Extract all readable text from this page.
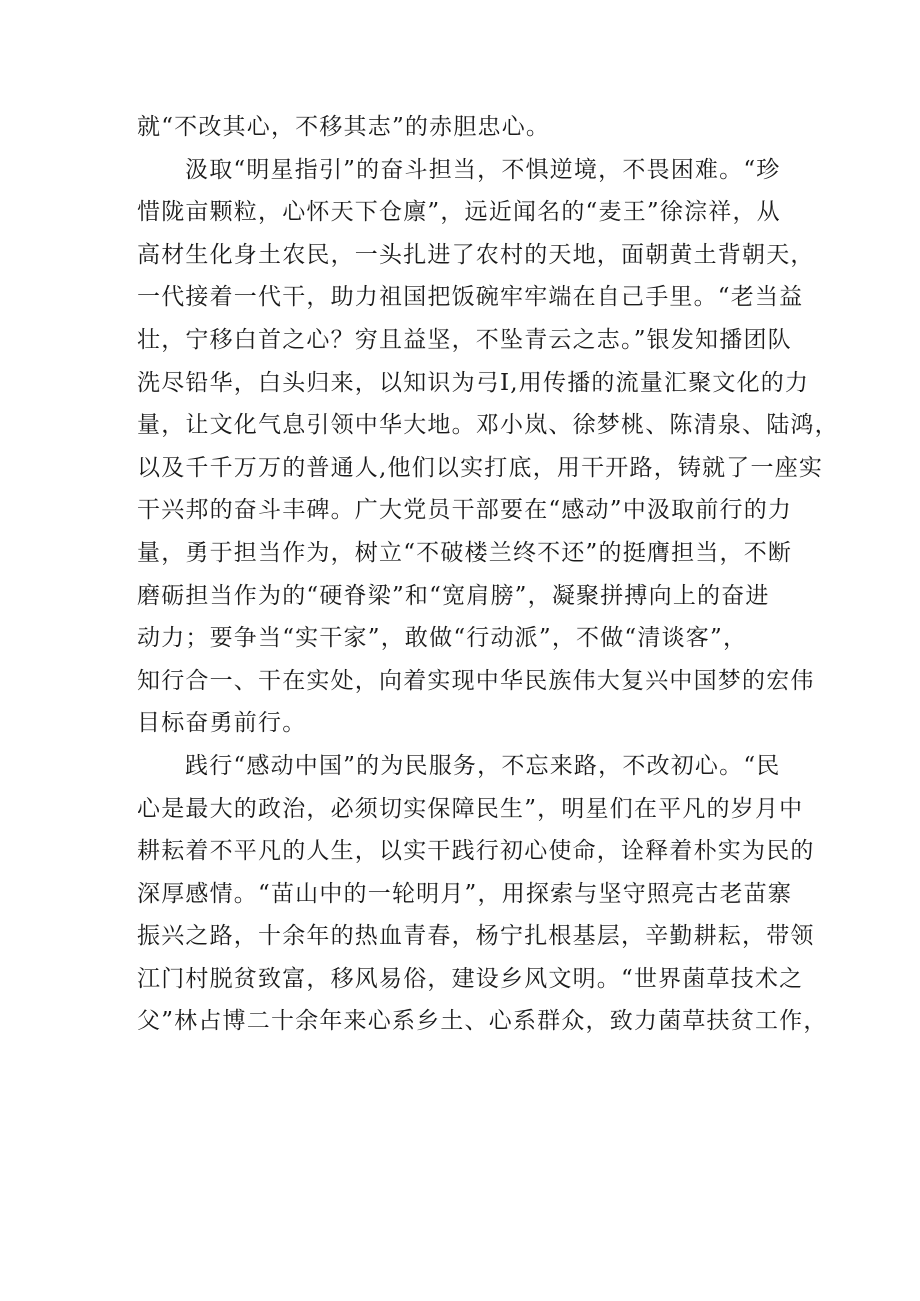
就“不改其心，不移其志”的赤胆忠心。
汲取“明星指引”的奋斗担当，不惧逆境，不畏困难。“珍
惜陇亩颗粒，心怀天下仓廪”，远近闻名的“麦王”徐淙祥，从
高材生化身土农民，一头扎进了农村的天地，面朝黄土背朝天，
一代接着一代干，助力祖国把饭碗牢牢端在自己手里。“老当益
壮，宁移白首之心？穷且益坚，不坠青云之志。”银发知播团队
洗尽铅华，白头归来，以知识为弓I,用传播的流量汇聚文化的力
量，让文化气息引领中华大地。邓小岚、徐梦桃、陈清泉、陆鸿，
以及千千万万的普通人,他们以实打底，用干开路，铸就了一座实
干兴邦的奋斗丰碑。广大党员干部要在“感动”中汲取前行的力
量，勇于担当作为，树立“不破楼兰终不还”的挺膺担当，不断
磨砺担当作为的“硬脊梁”和“宽肩膀”，凝聚拼搏向上的奋进
动力；要争当“实干家”，敢做“行动派”，不做“清谈客”，
知行合一、干在实处，向着实现中华民族伟大复兴中国梦的宏伟
目标奋勇前行。
践行“感动中国”的为民服务，不忘来路，不改初心。“民
心是最大的政治，必须切实保障民生”，明星们在平凡的岁月中
耕耘着不平凡的人生，以实干践行初心使命，诠释着朴实为民的
深厚感情。“苗山中的一轮明月”，用探索与坚守照亮古老苗寨
振兴之路，十余年的热血青春，杨宁扎根基层，辛勤耕耘，带领
江门村脱贫致富，移风易俗，建设乡风文明。“世界菌草技术之
父”林占博二十余年来心系乡土、心系群众，致力菌草扶贫工作，
